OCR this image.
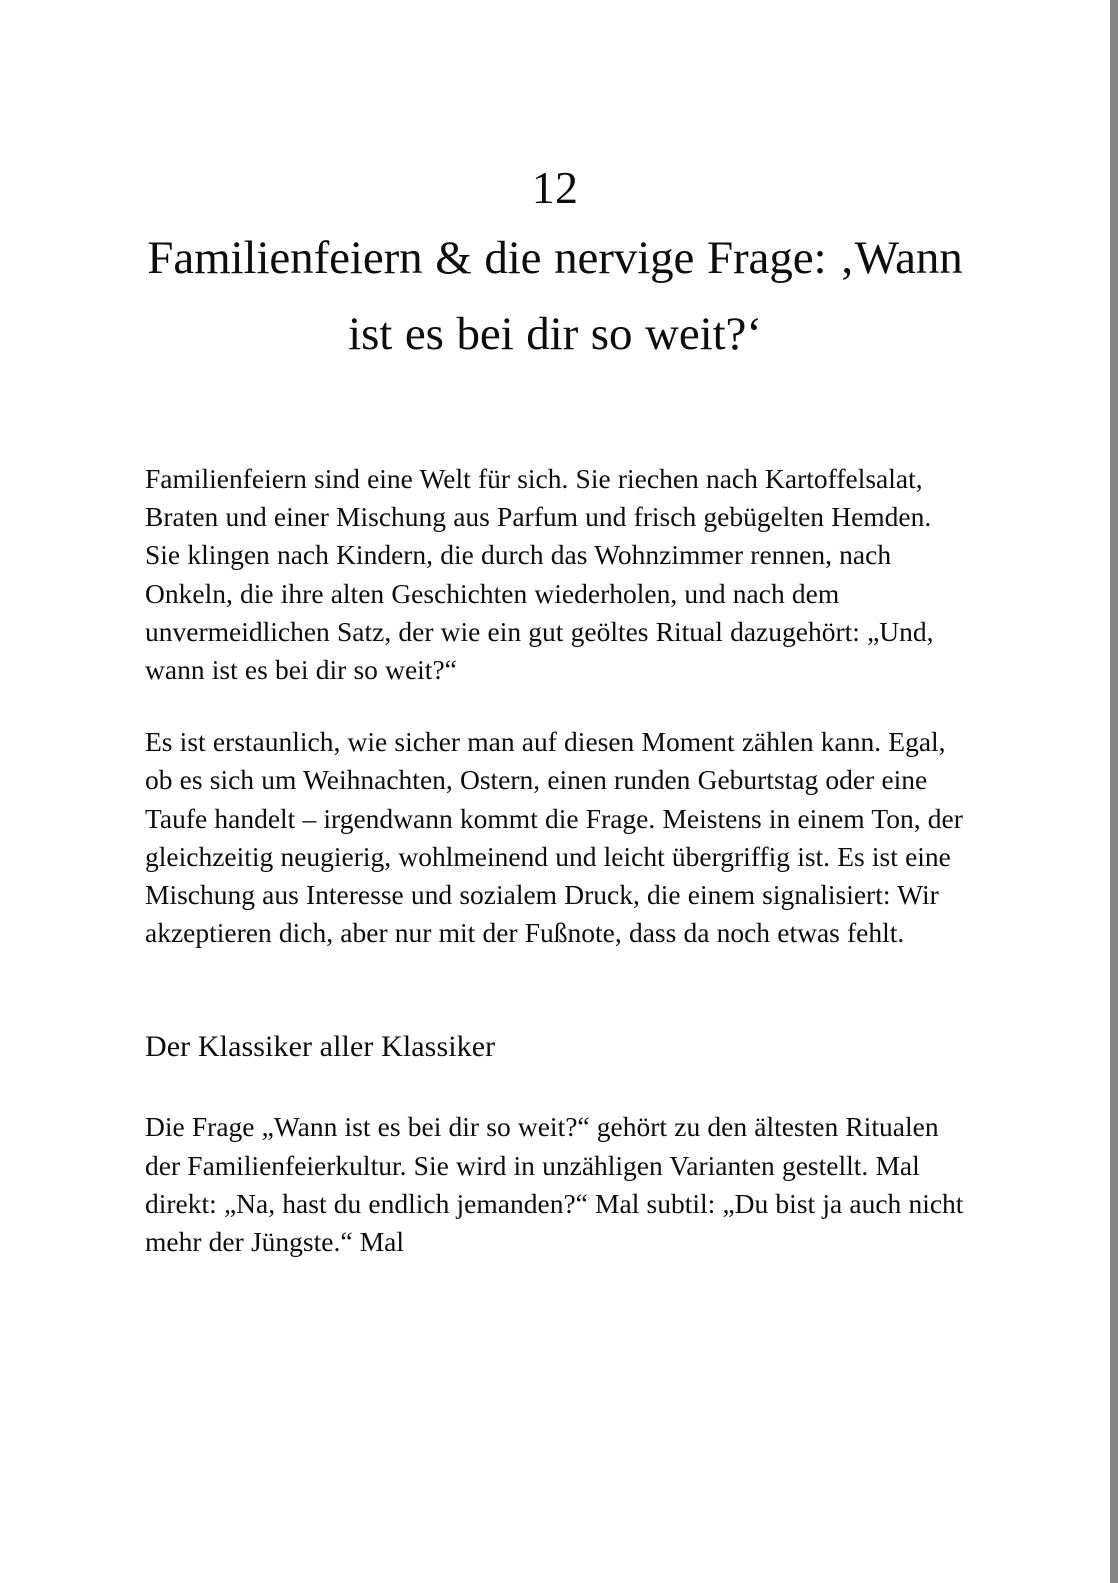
12
Familienfeiern & die nervige Frage: ‚Wann ist es bei dir so weit?‘

Familienfeiern sind eine Welt für sich. Sie riechen nach Kartoffelsalat, Braten und einer Mischung aus Parfum und frisch gebügelten Hemden. Sie klingen nach Kindern, die durch das Wohnzimmer rennen, nach Onkeln, die ihre alten Geschichten wiederholen, und nach dem unvermeidlichen Satz, der wie ein gut geöltes Ritual dazugehört: „Und, wann ist es bei dir so weit?“

Es ist erstaunlich, wie sicher man auf diesen Moment zählen kann. Egal, ob es sich um Weihnachten, Ostern, einen runden Geburtstag oder eine Taufe handelt – irgendwann kommt die Frage. Meistens in einem Ton, der gleichzeitig neugierig, wohlmeinend und leicht übergriffig ist. Es ist eine Mischung aus Interesse und sozialem Druck, die einem signalisiert: Wir akzeptieren dich, aber nur mit der Fußnote, dass da noch etwas fehlt.

Der Klassiker aller Klassiker

Die Frage „Wann ist es bei dir so weit?“ gehört zu den ältesten Ritualen der Familienfeierkultur. Sie wird in unzähligen Varianten gestellt. Mal direkt: „Na, hast du endlich jemanden?“ Mal subtil: „Du bist ja auch nicht mehr der Jüngste.“ Mal
